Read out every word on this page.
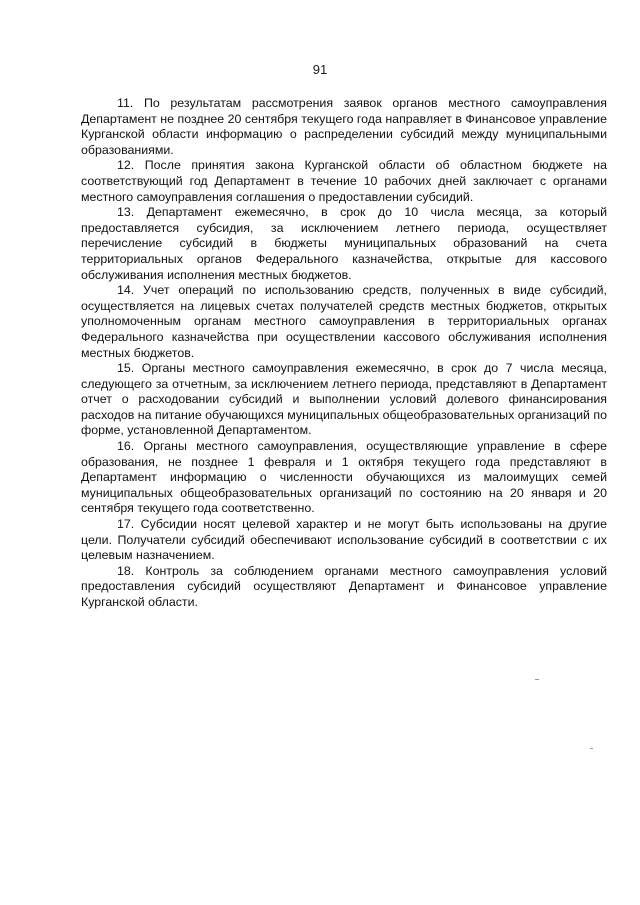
91

11. По результатам рассмотрения заявок органов местного самоуправления Департамент не позднее 20 сентября текущего года направляет в Финансовое управление Курганской области информацию о распределении субсидий между муниципальными образованиями.

12. После принятия закона Курганской области об областном бюджете на соответствующий год Департамент в течение 10 рабочих дней заключает с органами местного самоуправления соглашения о предоставлении субсидий.

13. Департамент ежемесячно, в срок до 10 числа месяца, за который предоставляется субсидия, за исключением летнего периода, осуществляет перечисление субсидий в бюджеты муниципальных образований на счета территориальных органов Федерального казначейства, открытые для кассового обслуживания исполнения местных бюджетов.

14. Учет операций по использованию средств, полученных в виде субсидий, осуществляется на лицевых счетах получателей средств местных бюджетов, открытых уполномоченным органам местного самоуправления в территориальных органах Федерального казначейства при осуществлении кассового обслуживания исполнения местных бюджетов.

15. Органы местного самоуправления ежемесячно, в срок до 7 числа месяца, следующего за отчетным, за исключением летнего периода, представляют в Департамент отчет о расходовании субсидий и выполнении условий долевого финансирования расходов на питание обучающихся муниципальных общеобразовательных организаций по форме, установленной Департаментом.

16. Органы местного самоуправления, осуществляющие управление в сфере образования, не позднее 1 февраля и 1 октября текущего года представляют в Департамент информацию о численности обучающихся из малоимущих семей муниципальных общеобразовательных организаций по состоянию на 20 января и 20 сентября текущего года соответственно.

17. Субсидии носят целевой характер и не могут быть использованы на другие цели. Получатели субсидий обеспечивают использование субсидий в соответствии с их целевым назначением.

18. Контроль за соблюдением органами местного самоуправления условий предоставления субсидий осуществляют Департамент и Финансовое управление Курганской области.
